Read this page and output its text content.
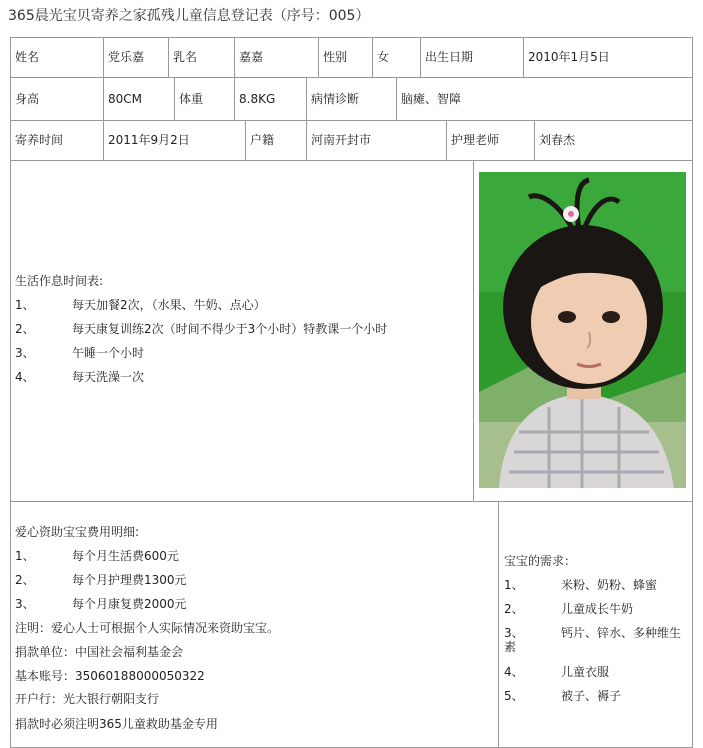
365晨光宝贝寄养之家孤残儿童信息登记表（序号：005）
姓名	党乐嘉	乳名	嘉嘉	性别	女	出生日期	2010年1月5日
身高	80CM	体重	8.8KG	病情诊断	脑瘫、智障
寄养时间	2011年9月2日	户籍	河南开封市	护理老师	刘春杰
生活作息时间表:
1、	每天加餐2次，（水果、牛奶、点心）
2、	每天康复训练2次（时间不得少于3个小时）特教课一个小时
3、	午睡一个小时
4、	每天洗澡一次
爱心资助宝宝费用明细:
1、	每个月生活费600元
2、	每个月护理费1300元
3、	每个月康复费2000元
注明：爱心人士可根据个人实际情况来资助宝宝。
捐款单位：中国社会福利基金会
基本账号：35060188000050322
开户行：光大银行朝阳支行
捐款时必须注明365儿童救助基金专用
宝宝的需求：
1、	米粉、奶粉、蜂蜜
2、	儿童成长牛奶
3、	钙片、锌水、多种维生
素
4、	儿童衣服
5、	被子、褥子
